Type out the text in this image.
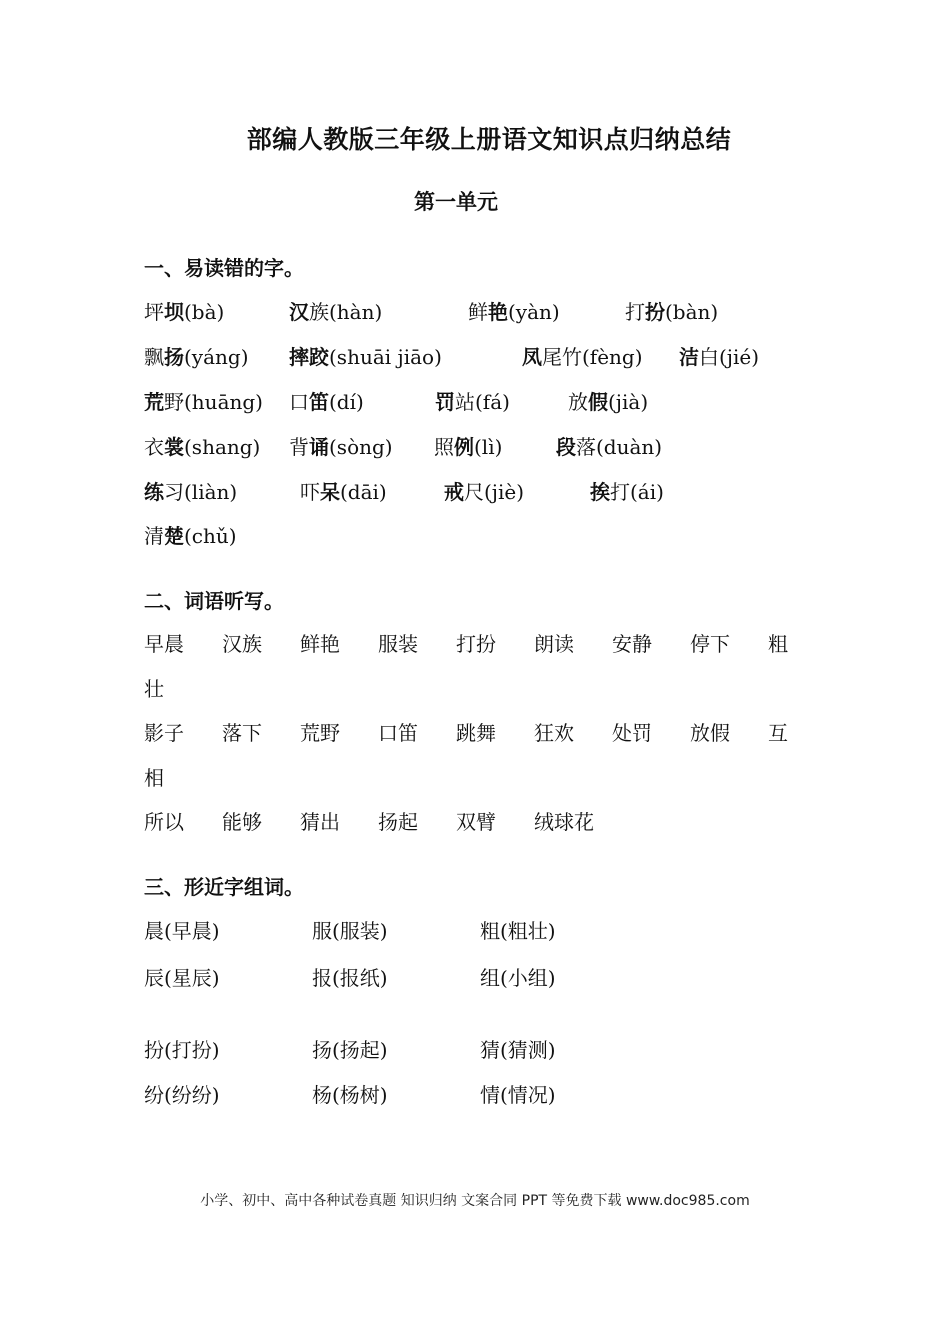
部编人教版三年级上册语文知识点归纳总结
第一单元
一、易读错的字。
坪坝(bà)	汉族(hàn)	鲜艳(yàn)	打扮(bàn)
飘扬(yáng) 摔跤(shuāi jiāo)	凤尾竹(fèng) 洁白(jié)
荒野(huāng) 口笛(dí)	罚站(fá)	放假(jià)
衣裳(shang) 背诵(sòng) 照例(lì)	段落(duàn)
练习(liàn)	吓呆(dāi)	戒尺(jiè)	挨打(ái)
清楚(chǔ)
二、词语听写。
早晨 汉族 鲜艳 服装 打扮 朗读 安静 停下 粗
壮
影子 落下 荒野 口笛 跳舞 狂欢 处罚 放假 互
相
所以 能够 猜出 扬起 双臂 绒球花
三、形近字组词。
晨(早晨)	服(服装)	粗(粗壮)
辰(星辰)	报(报纸)	组(小组)
扮(打扮)	扬(扬起)	猜(猜测)
纷(纷纷)	杨(杨树)	情(情况)
小学、初中、高中各种试卷真题 知识归纳 文案合同 PPT 等免费下载 www.doc985.com
